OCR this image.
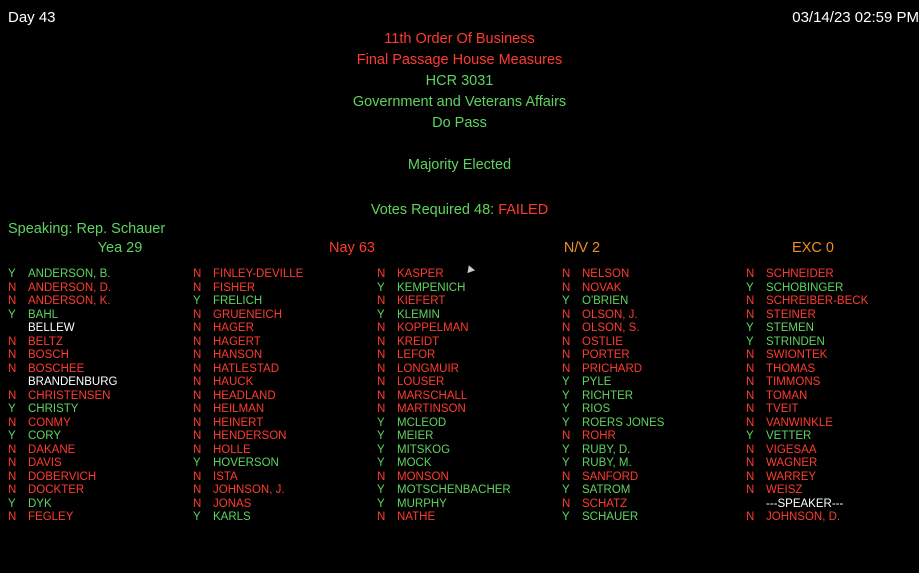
Day 43	03/14/23 02:59 PM
11th Order Of Business
Final Passage House Measures
HCR 3031
Government and Veterans Affairs
Do Pass
Majority Elected
Votes Required 48: FAILED
Speaking: Rep. Schauer
Yea 29	Nay 63	N/V 2	EXC 0
Y	ANDERSON, B.
N	ANDERSON, D.
N	ANDERSON, K.
Y	BAHL
BELLEW
N	BELTZ
N	BOSCH
N	BOSCHEE
BRANDENBURG
N	CHRISTENSEN
Y	CHRISTY
N	CONMY
Y	CORY
N	DAKANE
N	DAVIS
N	DOBERVICH
N	DOCKTER
Y	DYK
N	FEGLEY
N	FINLEY-DEVILLE
N	FISHER
Y	FRELICH
N	GRUENEICH
N	HAGER
N	HAGERT
N	HANSON
N	HATLESTAD
N	HAUCK
N	HEADLAND
N	HEILMAN
N	HEINERT
N	HENDERSON
N	HOLLE
Y	HOVERSON
N	ISTA
N	JOHNSON, J.
N	JONAS
Y	KARLS
N	KASPER
Y	KEMPENICH
N	KIEFERT
Y	KLEMIN
N	KOPPELMAN
N	KREIDT
N	LEFOR
N	LONGMUIR
N	LOUSER
N	MARSCHALL
N	MARTINSON
Y	MCLEOD
Y	MEIER
Y	MITSKOG
Y	MOCK
N	MONSON
Y	MOTSCHENBACHER
Y	MURPHY
N	NATHE
N	NELSON
N	NOVAK
Y	O'BRIEN
N	OLSON, J.
N	OLSON, S.
N	OSTLIE
N	PORTER
N	PRICHARD
Y	PYLE
Y	RICHTER
Y	RIOS
Y	ROERS JONES
N	ROHR
Y	RUBY, D.
Y	RUBY, M.
N	SANFORD
Y	SATROM
N	SCHATZ
Y	SCHAUER
N	SCHNEIDER
Y	SCHOBINGER
N	SCHREIBER-BECK
N	STEINER
Y	STEMEN
Y	STRINDEN
N	SWIONTEK
N	THOMAS
N	TIMMONS
N	TOMAN
N	TVEIT
N	VANWINKLE
Y	VETTER
N	VIGESAA
N	WAGNER
N	WARREY
N	WEISZ
---SPEAKER---
N	JOHNSON, D.
